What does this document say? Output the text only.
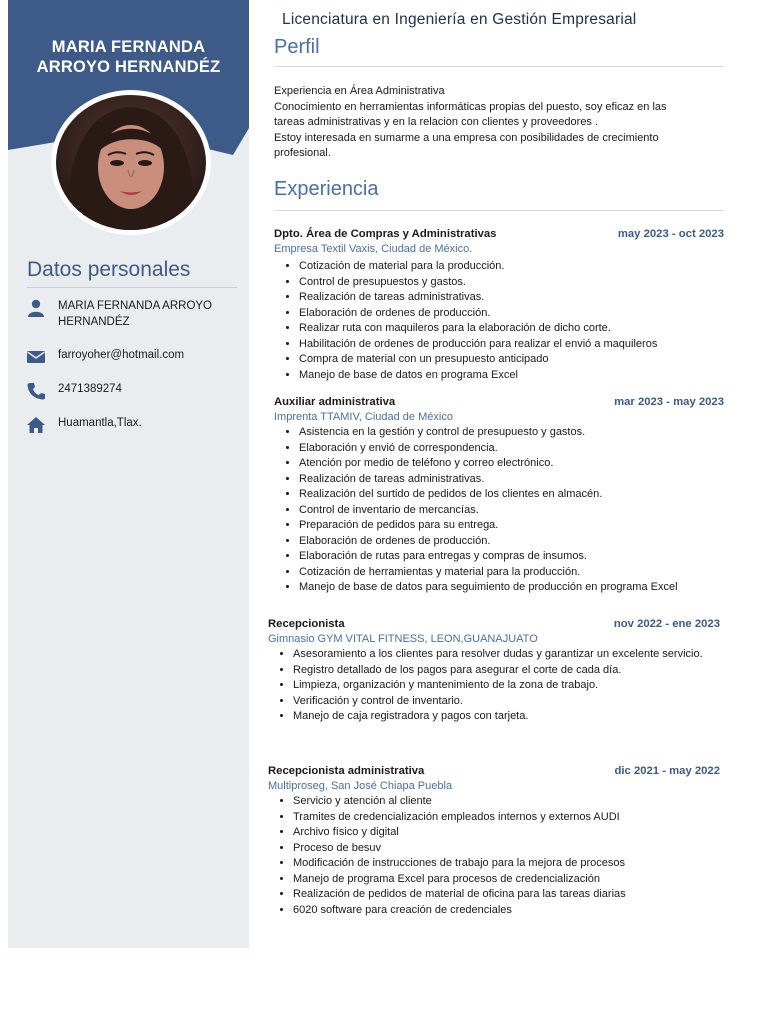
MARIA FERNANDA
ARROYO HERNANDÉZ
Datos personales
MARIA FERNANDA ARROYO HERNANDÉZ
farroyoher@hotmail.com
2471389274
Huamantla,Tlax.
Licenciatura en Ingeniería en Gestión Empresarial
Perfil
Experiencia en Área Administrativa
Conocimiento en herramientas informáticas propias del puesto, soy eficaz en las
tareas administrativas y en la relacion con clientes y proveedores .
Estoy interesada en sumarme a una empresa con posibilidades de crecimiento
profesional.
Experiencia
Dpto. Área de Compras y Administrativas	may 2023 - oct 2023
Empresa Textil Vaxis, Ciudad de México.
• Cotización de material para la producción.
• Control de presupuestos y gastos.
• Realización de tareas administrativas.
• Elaboración de ordenes de producción.
• Realizar ruta con maquileros para la elaboración de dicho corte.
• Habilitación de ordenes de producción para realizar el envió a maquileros
• Compra de material con un presupuesto anticipado
• Manejo de base de datos en programa Excel
Auxiliar administrativa	mar 2023 - may 2023
Imprenta TTAMIV, Ciudad de México
• Asistencia en la gestión y control de presupuesto y gastos.
• Elaboración y envió de correspondencia.
• Atención por medio de teléfono y correo electrónico.
• Realización de tareas administrativas.
• Realización del surtido de pedidos de los clientes en almacén.
• Control de inventario de mercancías.
• Preparación de pedidos para su entrega.
• Elaboración de ordenes de producción.
• Elaboración de rutas para entregas y compras de insumos.
• Cotización de herramientas y material para la producción.
• Manejo de base de datos para seguimiento de producción en programa Excel
Recepcionista	nov 2022 - ene 2023
Gimnasio GYM VITAL FITNESS, LEON,GUANAJUATO
• Asesoramiento a los clientes para resolver dudas y garantizar un excelente servicio.
• Registro detallado de los pagos para asegurar el corte de cada día.
• Limpieza, organización y mantenimiento de la zona de trabajo.
• Verificación y control de inventario.
• Manejo de caja registradora y pagos con tarjeta.
Recepcionista administrativa	dic 2021 - may 2022
Multiproseg, San José Chiapa Puebla
• Servicio y atención al cliente
• Tramites de credencialización empleados internos y externos AUDI
• Archivo físico y digital
• Proceso de besuv
• Modificación de instrucciones de trabajo para la mejora de procesos
• Manejo de programa Excel para procesos de credencialización
• Realización de pedidos de material de oficina para las tareas diarias
• 6020 software para creación de credenciales
